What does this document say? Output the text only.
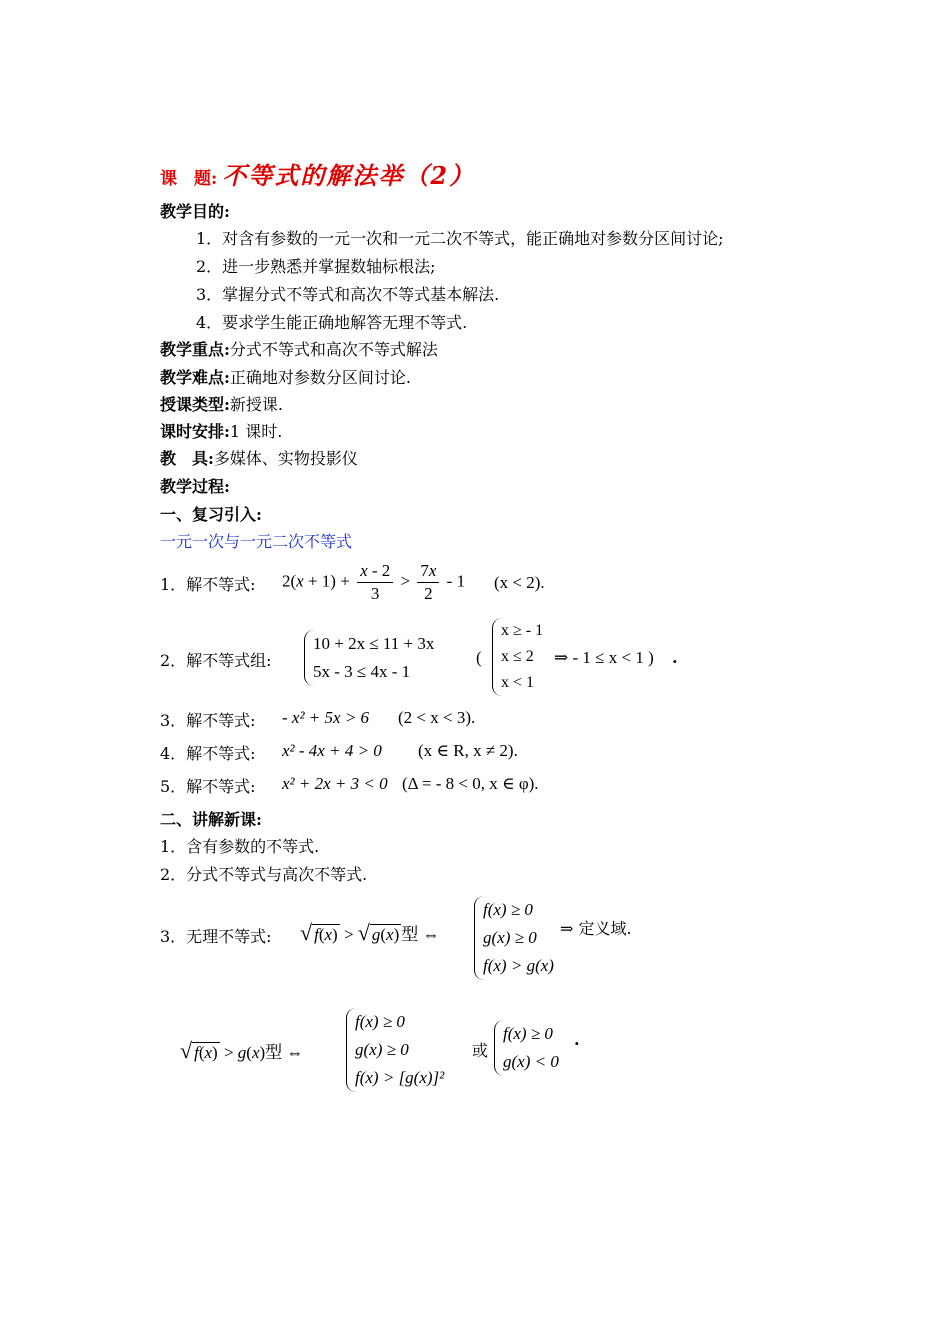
课　题: 不等式的解法举（2）
教学目的:
1．对含有参数的一元一次和一元二次不等式，能正确地对参数分区间讨论;
2．进一步熟悉并掌握数轴标根法;
3．掌握分式不等式和高次不等式基本解法.
4．要求学生能正确地解答无理不等式.
教学重点:分式不等式和高次不等式解法
教学难点:正确地对参数分区间讨论.
授课类型:新授课.
课时安排:1 课时.
教　具:多媒体、实物投影仪
教学过程:
一、复习引入:
一元一次与一元二次不等式
1．解不等式: $2(x + 1) + \frac{x - 2}{3} > \frac{7x}{2} - 1$ (x < 2).
2．解不等式组:
10 + 2x ≤ 11 + 3x
5x - 3 ≤ 4x - 1
(
x ≥ - 1
x ≤ 2
x < 1
⇒ - 1 ≤ x < 1 ) .
3．解不等式: - x² + 5x > 6 (2 < x < 3).
4．解不等式: x² - 4x + 4 > 0 (x ∈ R, x ≠ 2).
5．解不等式: x² + 2x + 3 < 0 (Δ = - 8 < 0, x ∈ φ).
二、讲解新课:
1．含有参数的不等式.
2．分式不等式与高次不等式.
3．无理不等式: √ f(x) > √ g(x) 型 ⇔
f(x) ≥ 0
g(x) ≥ 0
f(x) > g(x)
⇒ 定义域.
√ f(x) > g(x)型 ⇔
f(x) ≥ 0
g(x) ≥ 0
f(x) > [g(x)]²
或
f(x) ≥ 0
g(x) < 0
.
